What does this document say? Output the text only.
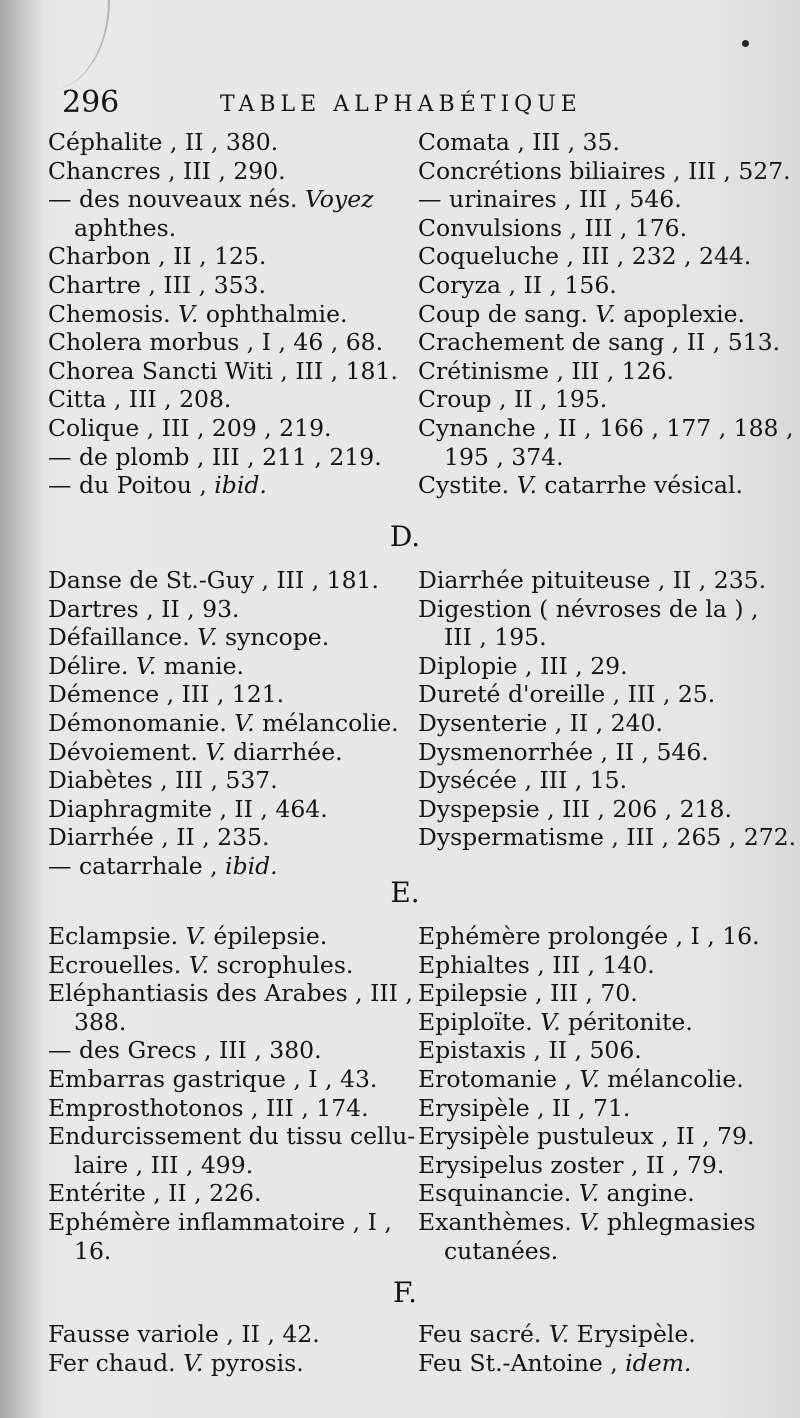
296	TABLE ALPHABÉTIQUE
Céphalite , II , 380.
Chancres , III , 290.
— des nouveaux nés. Voyez
aphthes.
Charbon , II , 125.
Chartre , III , 353.
Chemosis. V. ophthalmie.
Cholera morbus , I , 46 , 68.
Chorea Sancti Witi , III , 181.
Citta , III , 208.
Colique , III , 209 , 219.
— de plomb , III , 211 , 219.
— du Poitou , ibid.
Comata , III , 35.
Concrétions biliaires , III , 527.
— urinaires , III , 546.
Convulsions , III , 176.
Coqueluche , III , 232 , 244.
Coryza , II , 156.
Coup de sang. V. apoplexie.
Crachement de sang , II , 513.
Crétinisme , III , 126.
Croup , II , 195.
Cynanche , II , 166 , 177 , 188 ,
195 , 374.
Cystite. V. catarrhe vésical.
D.
Danse de St.-Guy , III , 181.
Dartres , II , 93.
Défaillance. V. syncope.
Délire. V. manie.
Démence , III , 121.
Démonomanie. V. mélancolie.
Dévoiement. V. diarrhée.
Diabètes , III , 537.
Diaphragmite , II , 464.
Diarrhée , II , 235.
— catarrhale , ibid.
Diarrhée pituiteuse , II , 235.
Digestion ( névroses de la ) ,
III , 195.
Diplopie , III , 29.
Dureté d'oreille , III , 25.
Dysenterie , II , 240.
Dysmenorrhée , II , 546.
Dysécée , III , 15.
Dyspepsie , III , 206 , 218.
Dyspermatisme , III , 265 , 272.
E.
Eclampsie. V. épilepsie.
Ecrouelles. V. scrophules.
Eléphantiasis des Arabes , III ,
388.
— des Grecs , III , 380.
Embarras gastrique , I , 43.
Emprosthotonos , III , 174.
Endurcissement du tissu cellu-
laire , III , 499.
Entérite , II , 226.
Ephémère inflammatoire , I ,
16.
Ephémère prolongée , I , 16.
Ephialtes , III , 140.
Epilepsie , III , 70.
Epiploïte. V. péritonite.
Epistaxis , II , 506.
Erotomanie , V. mélancolie.
Erysipèle , II , 71.
Erysipèle pustuleux , II , 79.
Erysipelus zoster , II , 79.
Esquinancie. V. angine.
Exanthèmes. V. phlegmasies
cutanées.
F.
Fausse variole , II , 42.
Fer chaud. V. pyrosis.
Feu sacré. V. Erysipèle.
Feu St.-Antoine , idem.
